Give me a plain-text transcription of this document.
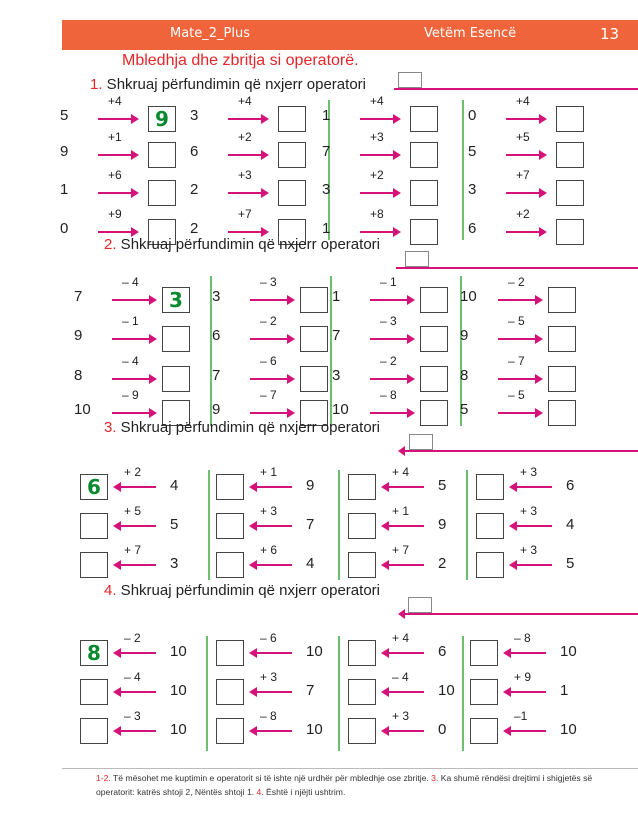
Mate_2_Plus	Vetëm Esencë	13
Mbledhja dhe zbritja si operatorë.
1. Shkruaj përfundimin që nxjerr operatori
5
+4
9
9
+1
1
+6
0
+9
3
+4
6
+2
2
+3
2
+7
1
+4
7
+3
3
+2
1
+8
0
+4
5
+5
3
+7
6
+2
2. Shkruaj përfundimin që nxjerr operatori
7
– 4
3
9
– 1
8
– 4
10
– 9
3
– 3
6
– 2
7
– 6
9
– 7
1
– 1
7
– 3
3
– 2
10
– 8
10
– 2
9
– 5
8
– 7
5
– 5
3. Shkruaj përfundimin që nxjerr operatori
6
+ 2
4
+ 5
5
+ 7
3
+ 1
9
+ 3
7
+ 6
4
+ 4
5
+ 1
9
+ 7
2
+ 3
6
+ 3
4
+ 3
5
4. Shkruaj përfundimin që nxjerr operatori
8
– 2
10
– 4
10
– 3
10
– 6
10
+ 3
7
– 8
10
+ 4
6
– 4
10
+ 3
0
– 8
10
+ 9
1
–1
10
1-2. Të mësohet me kuptimin e operatorit si të ishte një urdhër për mbledhje ose zbritje. 3. Ka shumë rëndësi drejtimi i shigjetës së operatorit: katrës shtoji 2, Nëntës shtoji 1. 4. Është i njëjti ushtrim.
